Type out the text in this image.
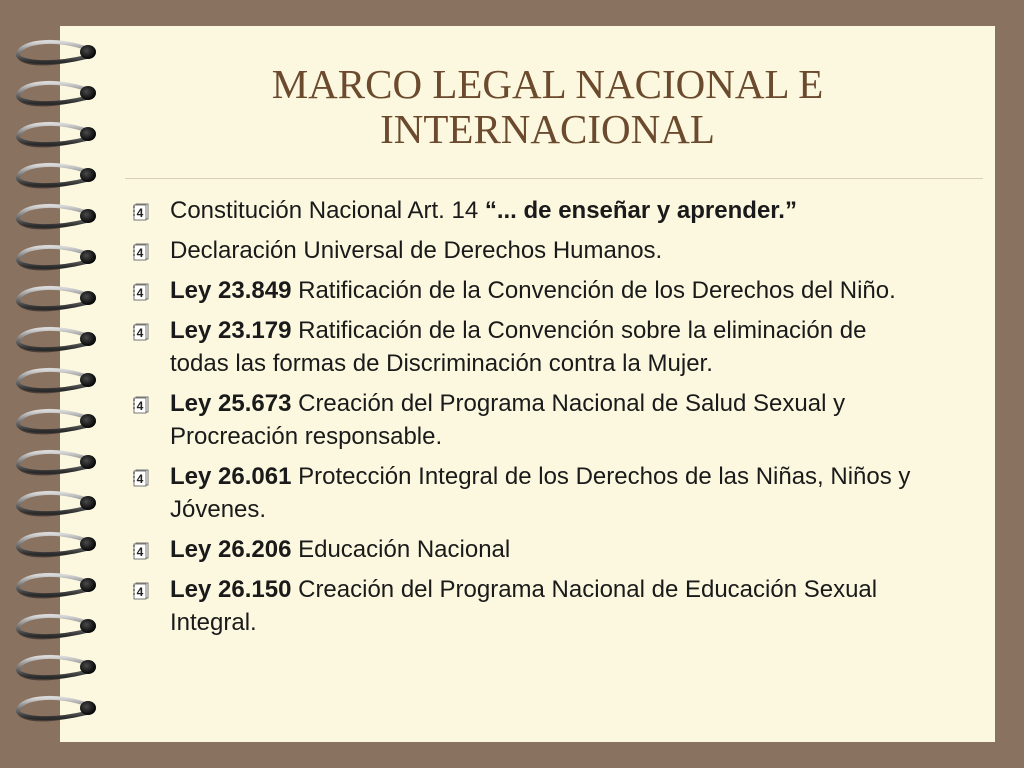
MARCO LEGAL NACIONAL E
INTERNACIONAL
Constitución Nacional Art. 14 “... de enseñar y aprender.”
Declaración Universal de Derechos Humanos.
Ley 23.849 Ratificación de la Convención de los Derechos del Niño.
Ley 23.179 Ratificación de la Convención sobre la eliminación de todas las formas de Discriminación contra la Mujer.
Ley 25.673 Creación del Programa Nacional de Salud Sexual y Procreación responsable.
Ley 26.061 Protección Integral de los Derechos de las Niñas, Niños y Jóvenes.
Ley 26.206 Educación Nacional
Ley 26.150 Creación del Programa Nacional de Educación Sexual Integral.
